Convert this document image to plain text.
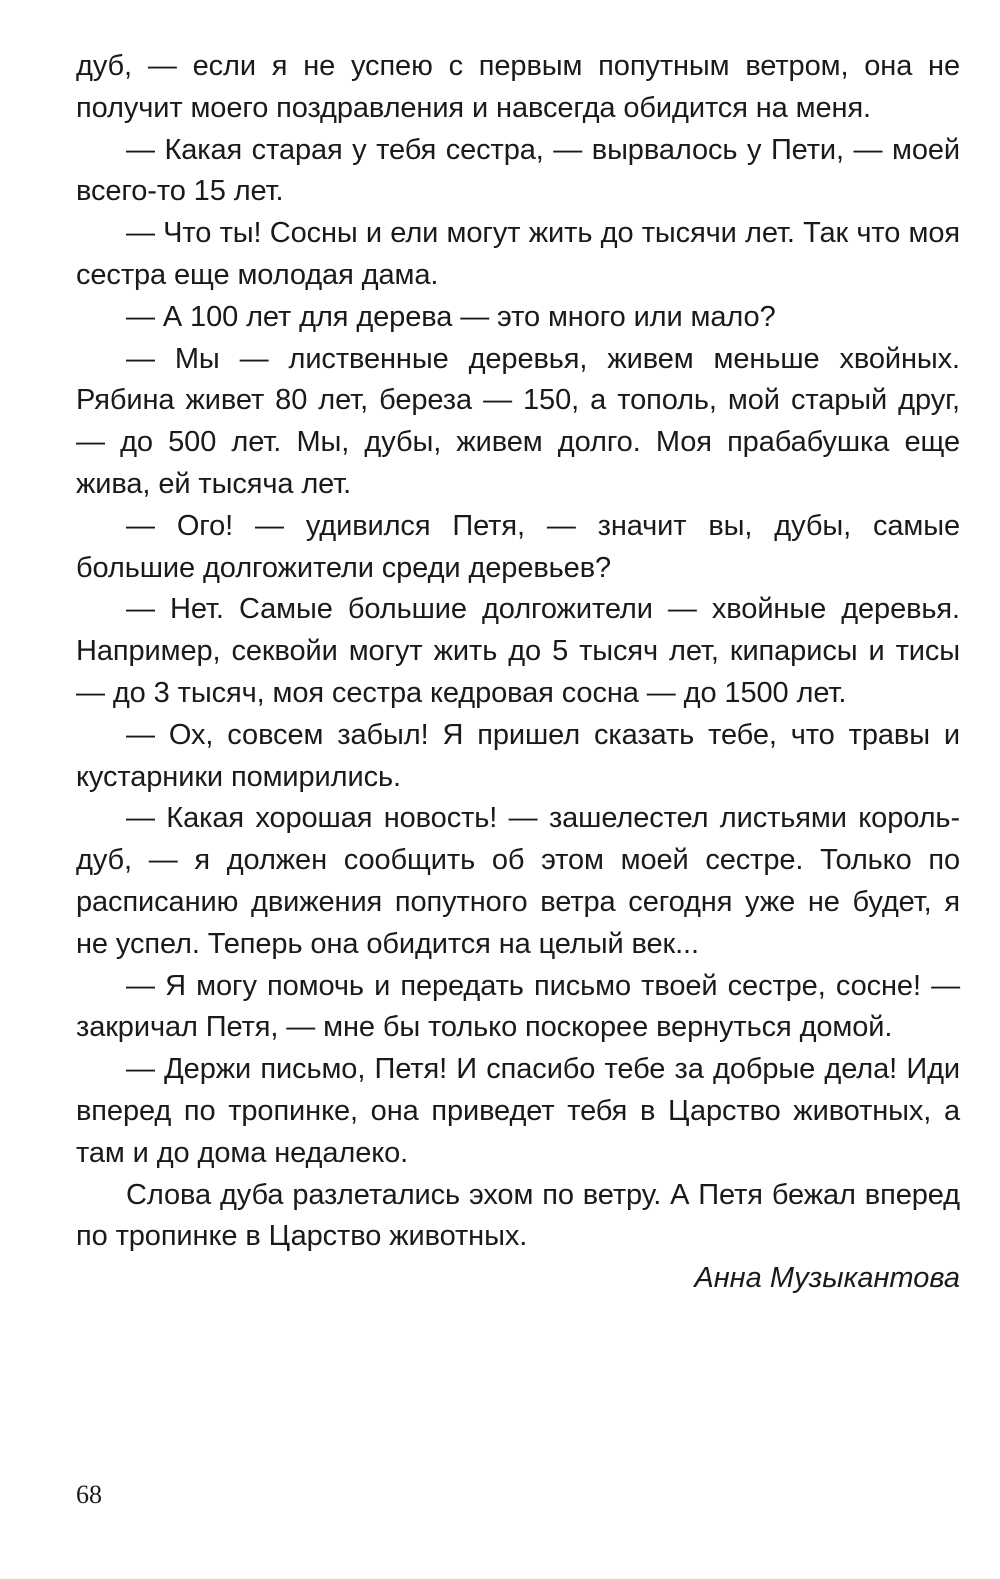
дуб, — если я не успею с первым попутным ветром, она не получит моего поздравления и навсегда обидится на меня.

— Какая старая у тебя сестра, — вырвалось у Пети, — моей всего-то 15 лет.

— Что ты! Сосны и ели могут жить до тысячи лет. Так что моя сестра еще молодая дама.

— А 100 лет для дерева — это много или мало?

— Мы — лиственные деревья, живем меньше хвойных. Рябина живет 80 лет, береза — 150, а тополь, мой старый друг, — до 500 лет. Мы, дубы, живем долго. Моя прабабушка еще жива, ей тысяча лет.

— Ого! — удивился Петя, — значит вы, дубы, самые большие долгожители среди деревьев?

— Нет. Самые большие долгожители — хвойные деревья. Например, секвойи могут жить до 5 тысяч лет, кипарисы и тисы — до 3 тысяч, моя сестра кедровая сосна — до 1500 лет.

— Ох, совсем забыл! Я пришел сказать тебе, что травы и кустарники помирились.

— Какая хорошая новость! — зашелестел листьями король-дуб, — я должен сообщить об этом моей сестре. Только по расписанию движения попутного ветра сегодня уже не будет, я не успел. Теперь она обидится на целый век...

— Я могу помочь и передать письмо твоей сестре, сосне! — закричал Петя, — мне бы только поскорее вернуться домой.

— Держи письмо, Петя! И спасибо тебе за добрые дела! Иди вперед по тропинке, она приведет тебя в Царство животных, а там и до дома недалеко.

Слова дуба разлетались эхом по ветру. А Петя бежал вперед по тропинке в Царство животных.

Анна Музыкантова

68
